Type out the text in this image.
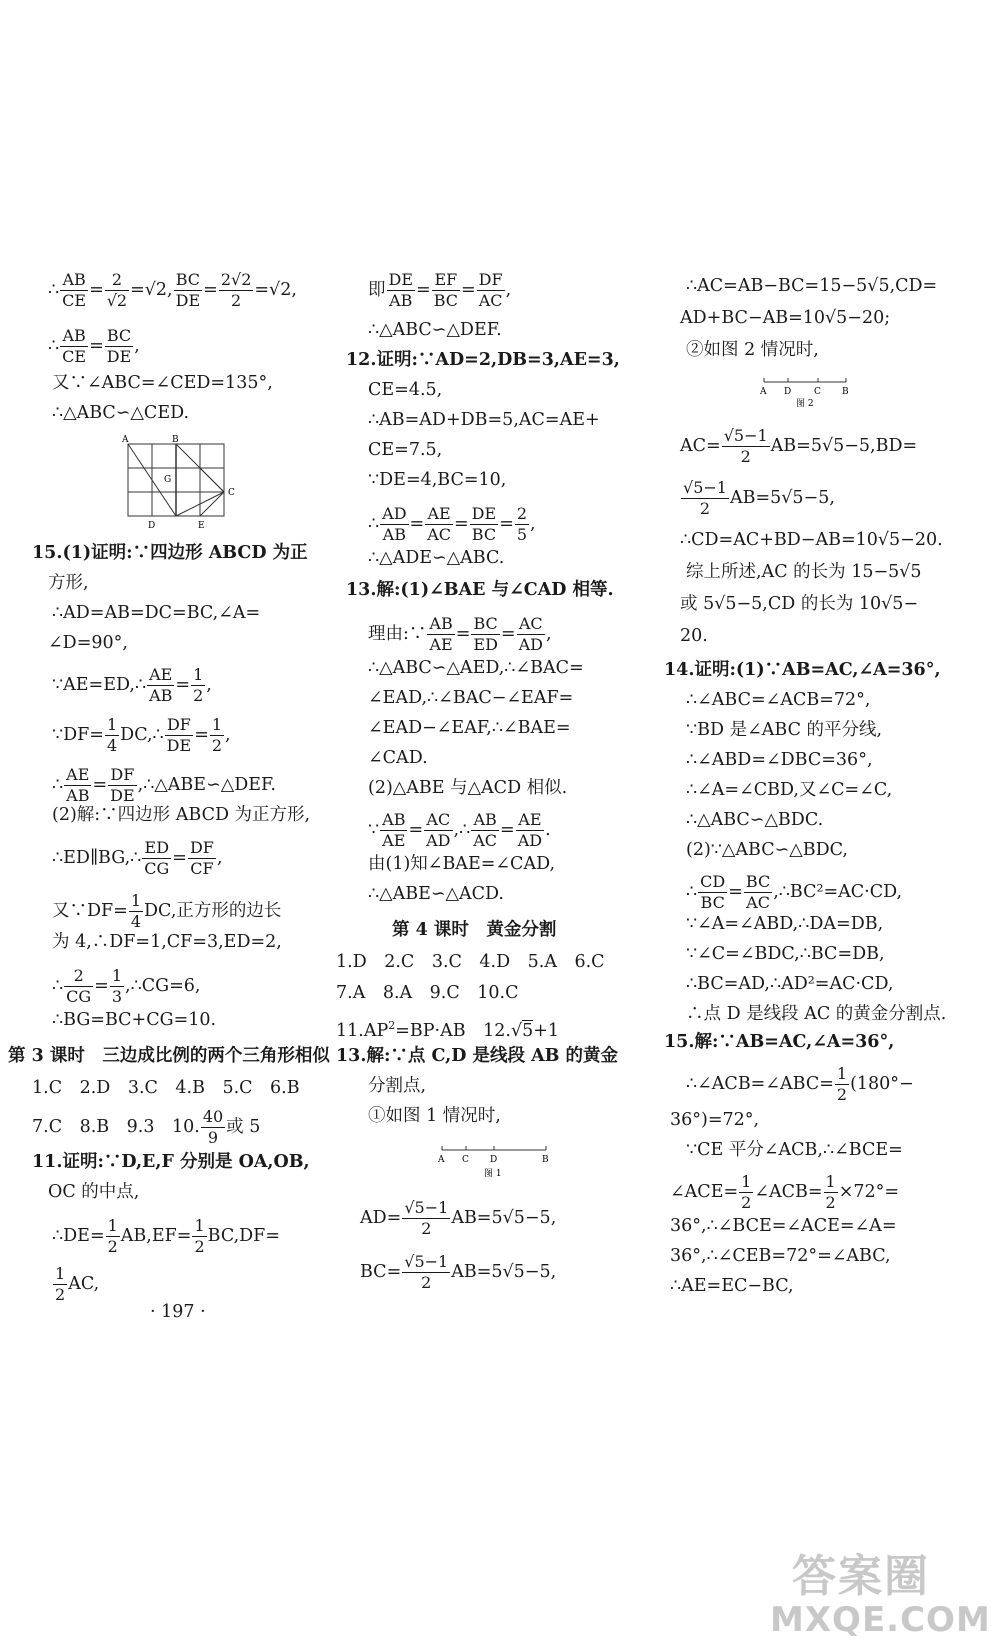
∴ $\frac{AB}{CE} = \frac{2}{√2} =√2$, $\frac{BC}{DE} = \frac{2√2}{2} =√2$,
∴ $\frac{AB}{CE} = \frac{BC}{DE}$ ,
又∵∠ABC=∠CED=135°,
∴△ABC∽△CED.
A	B
C
D	E
G
15.(1)证明:∵四边形 ABCD 为正
方形,
∴AD=AB=DC=BC,∠A=
∠D=90°,
∵AE=ED,∴ $\frac{AE}{AB} = \frac{1}{2}$ ,
∵DF= $\frac{1}{4}$ DC,∴ $\frac{DF}{DE} = \frac{1}{2}$ ,
∴ $\frac{AE}{AB} = \frac{DF}{DE}$ ,∴△ABE∽△DEF.
(2)解:∵四边形 ABCD 为正方形,
∴ED∥BG,∴ $\frac{ED}{CG} = \frac{DF}{CF}$ ,
又∵DF= $\frac{1}{4}$ DC,正方形的边长
为 4,∴DF=1,CF=3,ED=2,
∴ $\frac{2}{CG} = \frac{1}{3}$ ,∴CG=6,
∴BG=BC+CG=10.
第 3 课时　三边成比例的两个三角形相似
1.C　2.D　3.C　4.B　5.C　6.B
7.C　8.B　9.3　10. $\frac{40}{9}$ 或 5
11.证明:∵D,E,F 分别是 OA,OB,
OC 的中点,
∴DE= $\frac{1}{2} AB,EF= \frac{1}{2} BC,DF=$
$\frac{1}{2}$ AC,
· 197 ·
即 $\frac{DE}{AB} = \frac{EF}{BC} = \frac{DF}{AC}$ ,
∴△ABC∽△DEF.
12.证明:∵AD=2,DB=3,AE=3,
CE=4.5,
∴AB=AD+DB=5,AC=AE+
CE=7.5,
∵DE=4,BC=10,
∴ $\frac{AD}{AB} = \frac{AE}{AC} = \frac{DE}{BC} = \frac{2}{5}$ ,
∴△ADE∽△ABC.
13.解:(1)∠BAE 与∠CAD 相等.
理由:∵ $\frac{AB}{AE} = \frac{BC}{ED} = \frac{AC}{AD}$ ,
∴△ABC∽△AED,∴∠BAC=
∠EAD,∴∠BAC−∠EAF=
∠EAD−∠EAF,∴∠BAE=
∠CAD.
(2)△ABE 与△ACD 相似.
∵ $\frac{AB}{AE} = \frac{AC}{AD}$ ,∴ $\frac{AB}{AC} = \frac{AE}{AD}$ .
由(1)知∠BAE=∠CAD,
∴△ABE∽△ACD.
第 4 课时　黄金分割
1.D　2.C　3.C　4.D　5.A　6.C
7.A　8.A　9.C　10.C
$11.AP^2=BP\cdot AB$　12.√5+1
13.解:∵点 C,D 是线段 AB 的黄金
分割点,
①如图 1 情况时,
A C D	B
图 1
$AD= \frac{√5-1}{2} AB=5√5-5$,
$BC= \frac{√5-1}{2} AB=5√5-5$,
∴AC=AB−BC=15−5√5,CD=
AD+BC−AB=10√5−20;
②如图 2 情况时,
A D	C B
图 2
$AC= \frac{√5-1}{2} AB=5√5-5,BD=$
$\frac{√5-1}{2} AB=5√5-5$,
∴CD=AC+BD−AB=10√5−20.
综上所述,AC 的长为 15−5√5
或 5√5−5,CD 的长为 10√5−
20.
14.证明:(1)∵AB=AC,∠A=36°,
∴∠ABC=∠ACB=72°,
∵BD 是∠ABC 的平分线,
∴∠ABD=∠DBC=36°,
∴∠A=∠CBD,又∠C=∠C,
∴△ABC∽△BDC.
(2)∵△ABC∽△BDC,
∴ $\frac{CD}{BC} = \frac{BC}{AC}$ ,∴BC²=AC·CD,
∵∠A=∠ABD,∴DA=DB,
∵∠C=∠BDC,∴BC=DB,
∴BC=AD,∴AD²=AC·CD,
∴点 D 是线段 AC 的黄金分割点.
15.解:∵AB=AC,∠A=36°,
∴∠ACB=∠ABC= $\frac{1}{2} (180^\circ-$
36°)=72°,
∵CE 平分∠ACB,∴∠BCE=
∠ACE= $\frac{1}{2}$ ∠ACB= $\frac{1}{2} \times 72^\circ=$
36°,∴∠BCE=∠ACE=∠A=
36°,∴∠CEB=72°=∠ABC,
∴AE=EC−BC,
答案圈
MXQE.COM
